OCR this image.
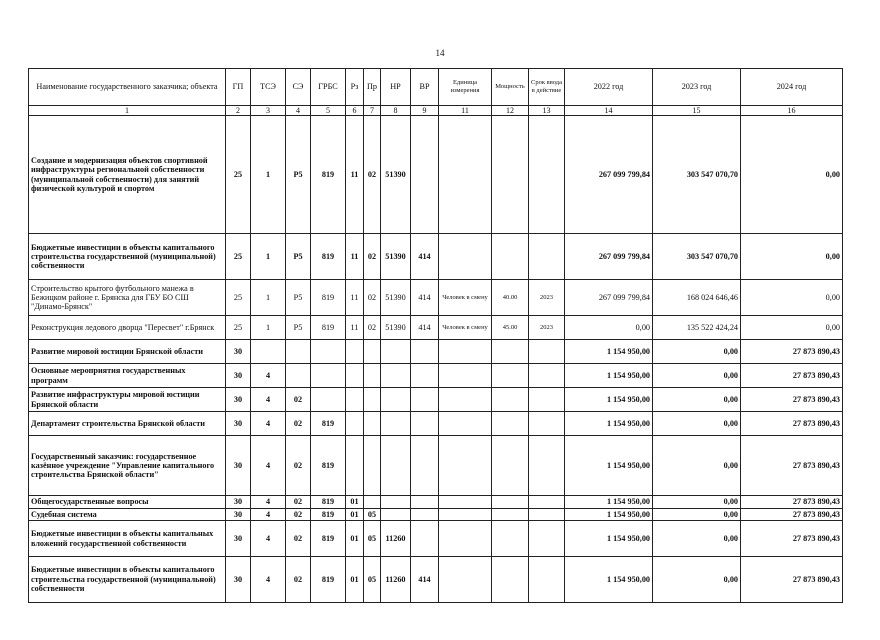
14
Наименование государственного заказчика; объекта	ГП	ТСЭ	СЭ	ГРБС	Рз	Пр	НР	ВР	Единица измерения	Мощность	Срок ввода в действие	2022 год	2023 год	2024 год
1	2	3	4	5	6	7	8	9	11	12	13	14	15	16
Создание и модернизация объектов спортивной инфраструктуры региональной собственности (муниципальной собственности) для занятий физической культурой и спортом	25	1	Р5	819	11	02	51390					267 099 799,84	303 547 070,70	0,00
Бюджетные инвестиции в объекты капитального строительства государственной (муниципальной) собственности	25	1	Р5	819	11	02	51390	414				267 099 799,84	303 547 070,70	0,00
Строительство крытого футбольного манежа в Бежицком районе г. Брянска для ГБУ БО СШ "Динамо-Брянск"	25	1	Р5	819	11	02	51390	414	Человек в смену	40.00	2023	267 099 799,84	168 024 646,46	0,00
Реконструкция ледового дворца "Пересвет" г.Брянск	25	1	Р5	819	11	02	51390	414	Человек в смену	45.00	2023	0,00	135 522 424,24	0,00
Развитие мировой юстиции Брянской области	30											1 154 950,00	0,00	27 873 890,43
Основные мероприятия государственных программ	30	4										1 154 950,00	0,00	27 873 890,43
Развитие инфраструктуры мировой юстиции Брянской области	30	4	02									1 154 950,00	0,00	27 873 890,43
Департамент строительства Брянской области	30	4	02	819								1 154 950,00	0,00	27 873 890,43
Государственный заказчик: государственное казённое учреждение "Управление капитального строительства Брянской области"	30	4	02	819								1 154 950,00	0,00	27 873 890,43
Общегосударственные вопросы	30	4	02	819	01							1 154 950,00	0,00	27 873 890,43
Судебная система	30	4	02	819	01	05						1 154 950,00	0,00	27 873 890,43
Бюджетные инвестиции в объекты капитальных вложений государственной собственности	30	4	02	819	01	05	11260					1 154 950,00	0,00	27 873 890,43
Бюджетные инвестиции в объекты капитального строительства государственной (муниципальной) собственности	30	4	02	819	01	05	11260	414				1 154 950,00	0,00	27 873 890,43
